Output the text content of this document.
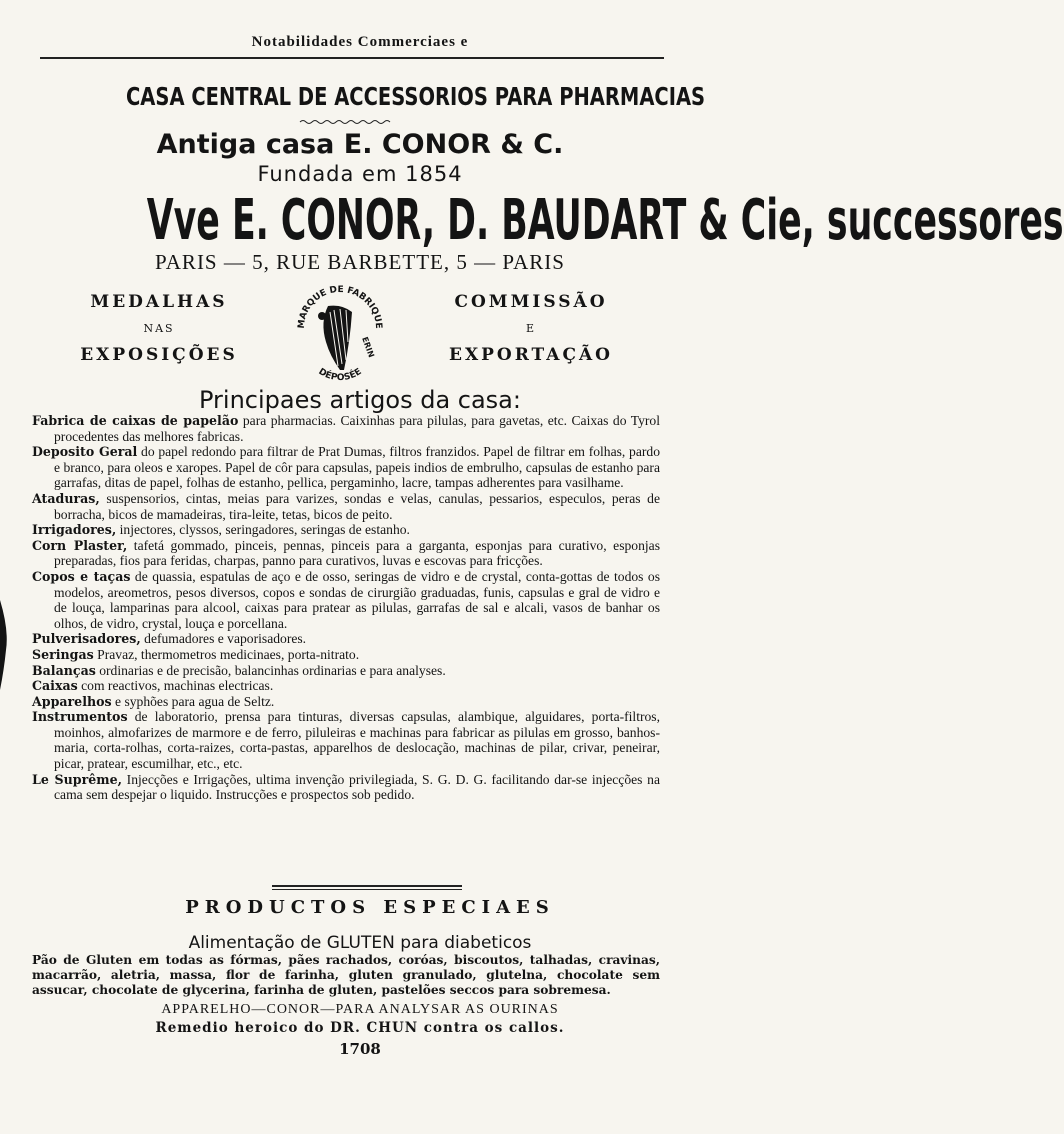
Notabilidades Commerciaes e
CASA CENTRAL DE ACCESSORIOS PARA PHARMACIAS
Antiga casa E. CONOR & C.
Fundada em 1854
Vve E. CONOR, D. BAUDART & Cie, successores
PARIS — 5, RUE BARBETTE, 5 — PARIS
MEDALHAS
NAS
EXPOSIÇÕES
COMMISSÃO
E
EXPORTAÇÃO
MARQUE DE FABRIQUE
DÉPOSÉE
ERIN
Principaes artigos da casa:

Fabrica de caixas de papelão para pharmacias. Caixinhas para pilulas, para gavetas, etc. Caixas do Tyrol procedentes das melhores fabricas.

Deposito Geral do papel redondo para filtrar de Prat Dumas, filtros franzidos. Papel de filtrar em folhas, pardo e branco, para oleos e xaropes. Papel de côr para capsulas, papeis indios de embrulho, capsulas de estanho para garrafas, ditas de papel, folhas de estanho, pellica, pergaminho, lacre, tampas adherentes para vasilhame.

Ataduras, suspensorios, cintas, meias para varizes, sondas e velas, canulas, pessarios, especulos, peras de borracha, bicos de mamadeiras, tira-leite, tetas, bicos de peito.

Irrigadores, injectores, clyssos, seringadores, seringas de estanho.

Corn Plaster, tafetá gommado, pinceis, pennas, pinceis para a garganta, esponjas para curativo, esponjas preparadas, fios para feridas, charpas, panno para curativos, luvas e escovas para fricções.

Copos e taças de quassia, espatulas de aço e de osso, seringas de vidro e de crystal, conta-gottas de todos os modelos, areometros, pesos diversos, copos e sondas de cirurgião graduadas, funis, capsulas e gral de vidro e de louça, lamparinas para alcool, caixas para pratear as pilulas, garrafas de sal e alcali, vasos de banhar os olhos, de vidro, crystal, louça e porcellana.

Pulverisadores, defumadores e vaporisadores.

Seringas Pravaz, thermometros medicinaes, porta-nitrato.

Balanças ordinarias e de precisão, balancinhas ordinarias e para analyses.

Caixas com reactivos, machinas electricas.

Apparelhos e syphões para agua de Seltz.

Instrumentos de laboratorio, prensa para tinturas, diversas capsulas, alambique, alguidares, porta-filtros, moinhos, almofarizes de marmore e de ferro, piluleiras e machinas para fabricar as pilulas em grosso, banhos-maria, corta-rolhas, corta-raizes, corta-pastas, apparelhos de deslocação, machinas de pilar, crivar, peneirar, picar, pratear, escumilhar, etc., etc.

Le Suprême, Injecções e Irrigações, ultima invenção privilegiada, S. G. D. G. facilitando dar-se injecções na cama sem despejar o liquido. Instrucções e prospectos sob pedido.

PRODUCTOS ESPECIAES
Alimentação de GLUTEN para diabeticos
Pão de Gluten em todas as fórmas, pães rachados, coróas, biscoutos, talhadas, cravinas, macarrão, aletria, massa, flor de farinha, gluten granulado, glutelna, chocolate sem assucar, chocolate de glycerina, farinha de gluten, pastelões seccos para sobremesa.
APPARELHO—CONOR—PARA ANALYSAR AS OURINAS
Remedio heroico do DR. CHUN contra os callos.
1708
